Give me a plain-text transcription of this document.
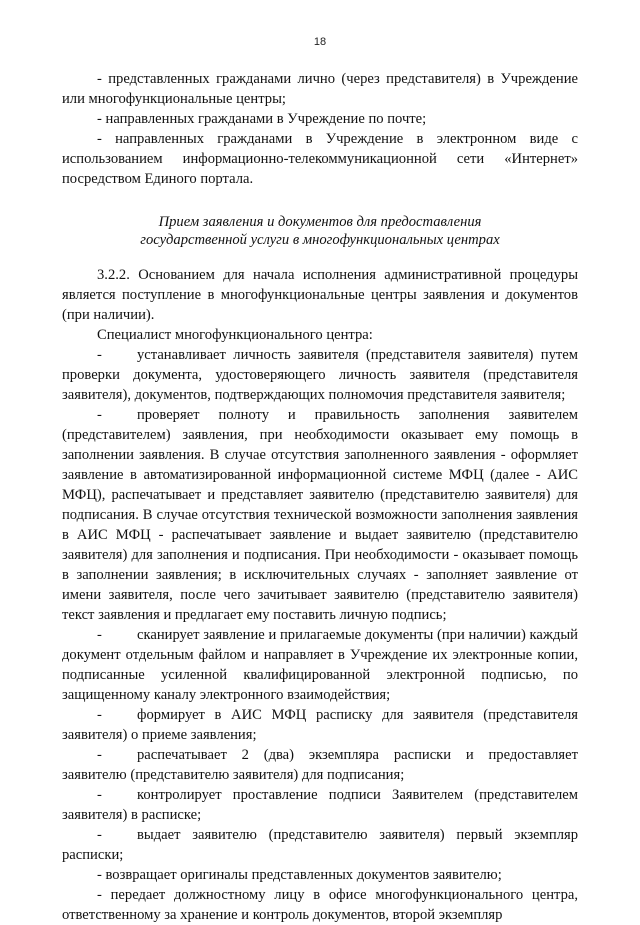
18

- представленных гражданами лично (через представителя) в Учреждение или многофункциональные центры;

- направленных гражданами в Учреждение по почте;

- направленных гражданами в Учреждение в электронном виде с использованием информационно-телекоммуникационной сети «Интернет» посредством Единого портала.

Прием заявления и документов для предоставления
государственной услуги в многофункциональных центрах

3.2.2. Основанием для начала исполнения административной процедуры является поступление в многофункциональные центры заявления и документов (при наличии).

Специалист многофункционального центра:

- устанавливает личность заявителя (представителя заявителя) путем проверки документа, удостоверяющего личность заявителя (представителя заявителя), документов, подтверждающих полномочия представителя заявителя;

- проверяет полноту и правильность заполнения заявителем (представителем) заявления, при необходимости оказывает ему помощь в заполнении заявления. В случае отсутствия заполненного заявления - оформляет заявление в автоматизированной информационной системе МФЦ (далее - АИС МФЦ), распечатывает и представляет заявителю (представителю заявителя) для подписания. В случае отсутствия технической возможности заполнения заявления в АИС МФЦ - распечатывает заявление и выдает заявителю (представителю заявителя) для заполнения и подписания. При необходимости - оказывает помощь в заполнении заявления; в исключительных случаях - заполняет заявление от имени заявителя, после чего зачитывает заявителю (представителю заявителя) текст заявления и предлагает ему поставить личную подпись;

- сканирует заявление и прилагаемые документы (при наличии) каждый документ отдельным файлом и направляет в Учреждение их электронные копии, подписанные усиленной квалифицированной электронной подписью, по защищенному каналу электронного взаимодействия;

- формирует в АИС МФЦ расписку для заявителя (представителя заявителя) о приеме заявления;

- распечатывает 2 (два) экземпляра расписки и предоставляет заявителю (представителю заявителя) для подписания;

- контролирует проставление подписи Заявителем (представителем заявителя) в расписке;

- выдает заявителю (представителю заявителя) первый экземпляр расписки;

- возвращает оригиналы представленных документов заявителю;

- передает должностному лицу в офисе многофункционального центра, ответственному за хранение и контроль документов, второй экземпляр
